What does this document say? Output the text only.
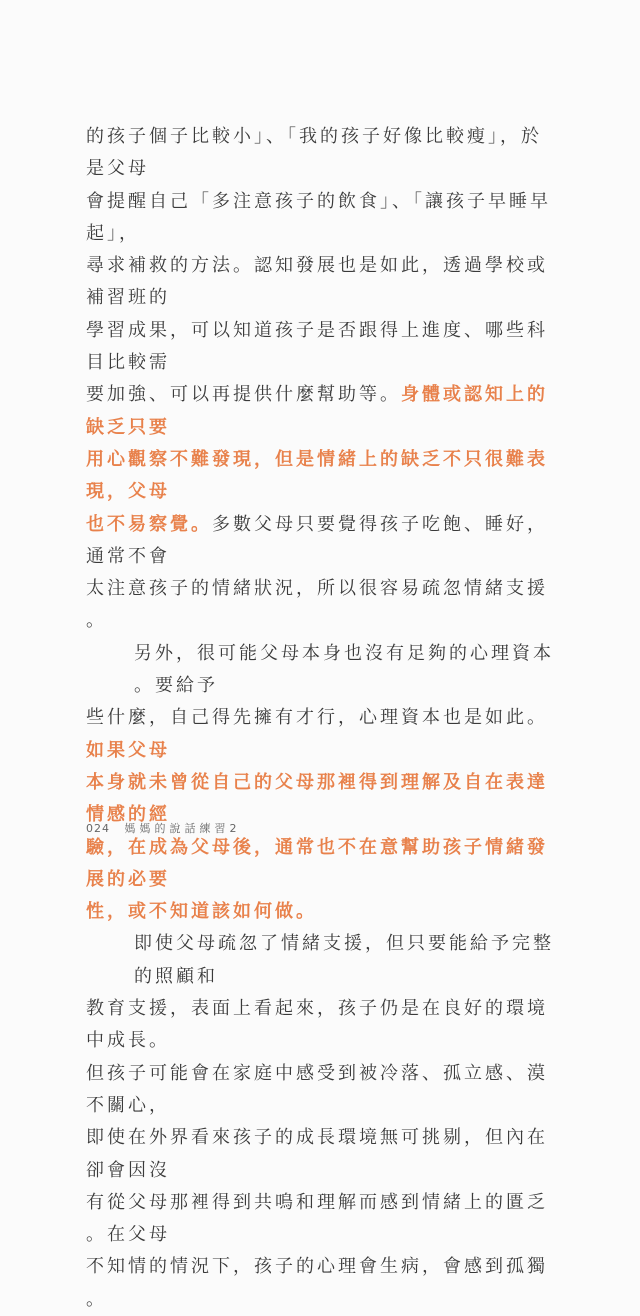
的孩子個子比較小」、「我的孩子好像比較瘦」，於是父母
會提醒自己「多注意孩子的飲食」、「讓孩子早睡早起」，
尋求補救的方法。認知發展也是如此，透過學校或補習班的
學習成果，可以知道孩子是否跟得上進度、哪些科目比較需
要加強、可以再提供什麼幫助等。身體或認知上的缺乏只要
用心觀察不難發現，但是情緒上的缺乏不只很難表現，父母
也不易察覺。多數父母只要覺得孩子吃飽、睡好，通常不會
太注意孩子的情緒狀況，所以很容易疏忽情緒支援。
另外，很可能父母本身也沒有足夠的心理資本。要給予
些什麼，自己得先擁有才行，心理資本也是如此。如果父母
本身就未曾從自己的父母那裡得到理解及自在表達情感的經
驗，在成為父母後，通常也不在意幫助孩子情緒發展的必要
性，或不知道該如何做。
即使父母疏忽了情緒支援，但只要能給予完整的照顧和
教育支援，表面上看起來，孩子仍是在良好的環境中成長。
但孩子可能會在家庭中感受到被冷落、孤立感、漠不關心，
即使在外界看來孩子的成長環境無可挑剔，但內在卻會因沒
有從父母那裡得到共鳴和理解而感到情緒上的匱乏。在父母
不知情的情況下，孩子的心理會生病，會感到孤獨。
024 媽媽的說話練習2
